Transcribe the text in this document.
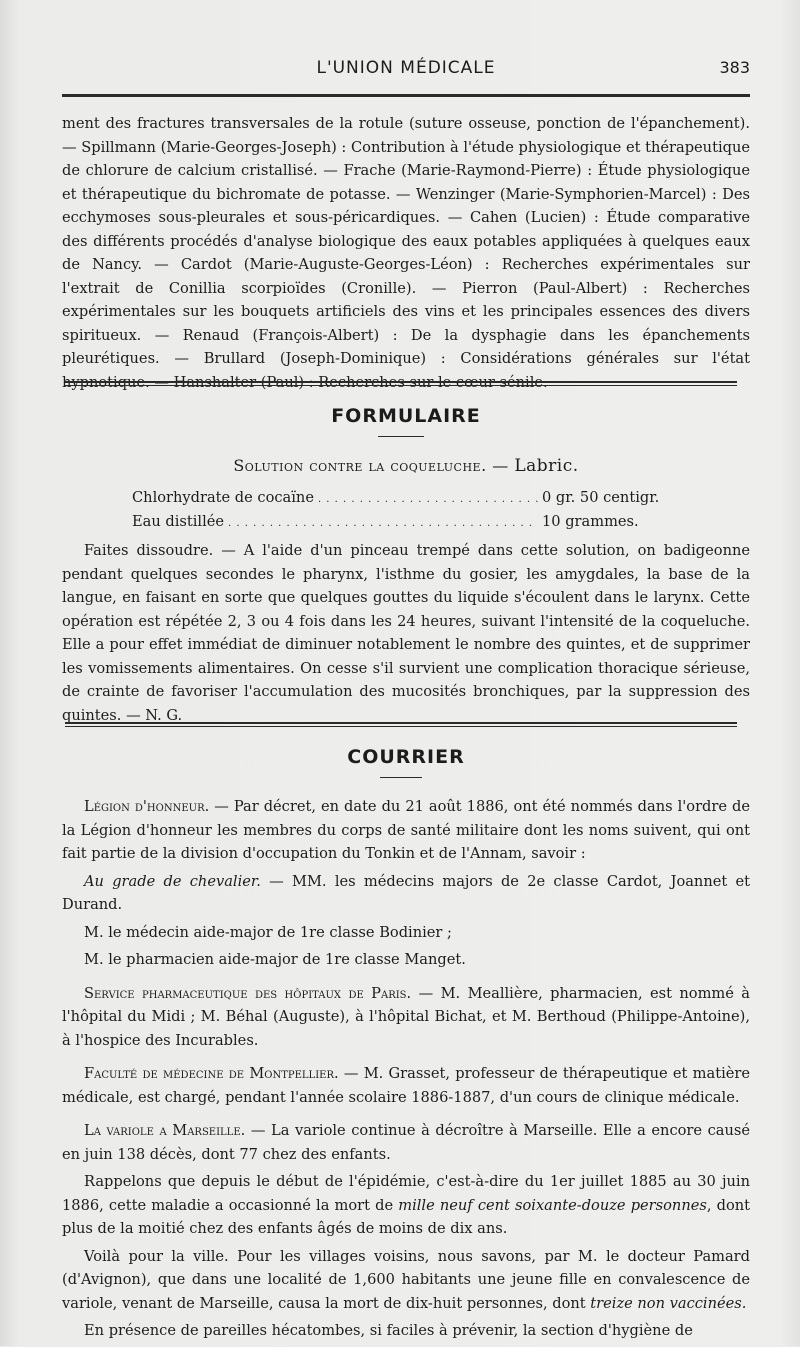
L'UNION MÉDICALE	383

ment des fractures transversales de la rotule (suture osseuse, ponction de l'épanchement). — Spillmann (Marie-Georges-Joseph) : Contribution à l'étude physiologique et thérapeutique de chlorure de calcium cristallisé. — Frache (Marie-Raymond-Pierre) : Étude physiologique et thérapeutique du bichromate de potasse. — Wenzinger (Marie-Symphorien-Marcel) : Des ecchymoses sous-pleurales et sous-péricardiques. — Cahen (Lucien) : Étude comparative des différents procédés d'analyse biologique des eaux potables appliquées à quelques eaux de Nancy. — Cardot (Marie-Auguste-Georges-Léon) : Recherches expérimentales sur l'extrait de Conillia scorpioïdes (Cronille). — Pierron (Paul-Albert) : Recherches expérimentales sur les bouquets artificiels des vins et les principales essences des divers spiritueux. — Renaud (François-Albert) : De la dysphagie dans les épanchements pleurétiques. — Brullard (Joseph-Dominique) : Considérations générales sur l'état hypnotique. — Hanshalter (Paul) : Recherches sur le cœur sénile.

FORMULAIRE
Solution contre la coqueluche. — Labric.
Chlorhydrate de cocaïne . . .	0 gr. 50 centigr.
Eau distillée . . .	10 grammes.

Faites dissoudre. — A l'aide d'un pinceau trempé dans cette solution, on badigeonne pendant quelques secondes le pharynx, l'isthme du gosier, les amygdales, la base de la langue, en faisant en sorte que quelques gouttes du liquide s'écoulent dans le larynx. Cette opération est répétée 2, 3 ou 4 fois dans les 24 heures, suivant l'intensité de la coqueluche. Elle a pour effet immédiat de diminuer notablement le nombre des quintes, et de supprimer les vomissements alimentaires. On cesse s'il survient une complication thoracique sérieuse, de crainte de favoriser l'accumulation des mucosités bronchiques, par la suppression des quintes. — N. G.

COURRIER

Légion d'honneur. — Par décret, en date du 21 août 1886, ont été nommés dans l'ordre de la Légion d'honneur les membres du corps de santé militaire dont les noms suivent, qui ont fait partie de la division d'occupation du Tonkin et de l'Annam, savoir :

Au grade de chevalier. — MM. les médecins majors de 2e classe Cardot, Joannet et Durand.

M. le médecin aide-major de 1re classe Bodinier ;

M. le pharmacien aide-major de 1re classe Manget.

Service pharmaceutique des hôpitaux de Paris. — M. Meallière, pharmacien, est nommé à l'hôpital du Midi ; M. Béhal (Auguste), à l'hôpital Bichat, et M. Berthoud (Philippe-Antoine), à l'hospice des Incurables.

Faculté de médecine de Montpellier. — M. Grasset, professeur de thérapeutique et matière médicale, est chargé, pendant l'année scolaire 1886-1887, d'un cours de clinique médicale.

La variole a Marseille. — La variole continue à décroître à Marseille. Elle a encore causé en juin 138 décès, dont 77 chez des enfants.

Rappelons que depuis le début de l'épidémie, c'est-à-dire du 1er juillet 1885 au 30 juin 1886, cette maladie a occasionné la mort de mille neuf cent soixante-douze personnes, dont plus de la moitié chez des enfants âgés de moins de dix ans.

Voilà pour la ville. Pour les villages voisins, nous savons, par M. le docteur Pamard (d'Avignon), que dans une localité de 1,600 habitants une jeune fille en convalescence de variole, venant de Marseille, causa la mort de dix-huit personnes, dont treize non vaccinées.

En présence de pareilles hécatombes, si faciles à prévenir, la section d'hygiène de
